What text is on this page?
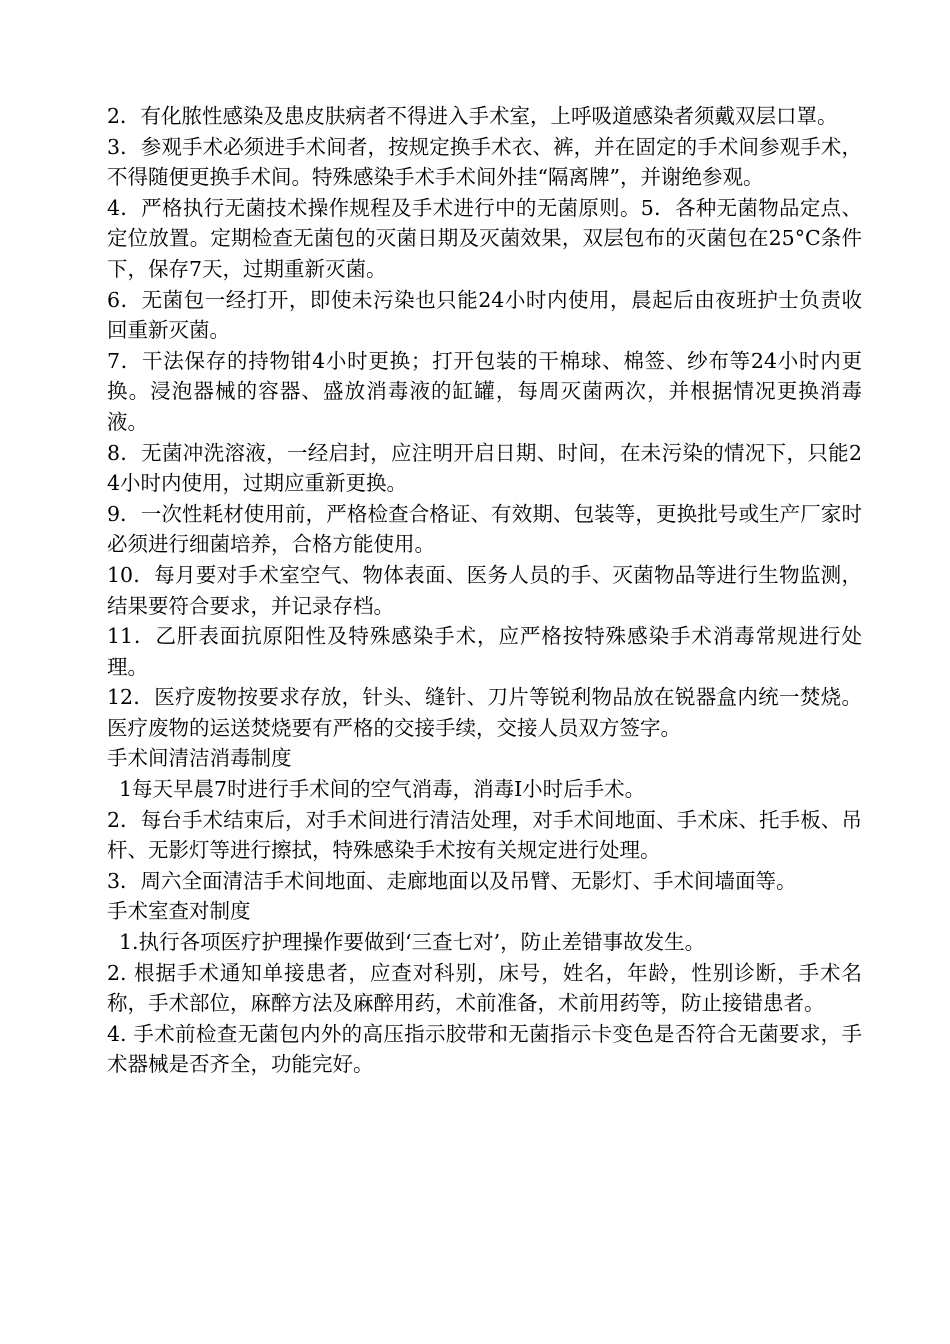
2．有化脓性感染及患皮肤病者不得进入手术室，上呼吸道感染者须戴双层口罩。

3．参观手术必须进手术间者，按规定换手术衣、裤，并在固定的手术间参观手术，不得随便更换手术间。特殊感染手术手术间外挂“隔离牌”，并谢绝参观。

4．严格执行无菌技术操作规程及手术进行中的无菌原则。5．各种无菌物品定点、定位放置。定期检查无菌包的灭菌日期及灭菌效果，双层包布的灭菌包在25°C条件下，保存7天，过期重新灭菌。

6．无菌包一经打开，即使未污染也只能24小时内使用，晨起后由夜班护士负责收回重新灭菌。

7．干法保存的持物钳4小时更换；打开包装的干棉球、棉签、纱布等24小时内更换。浸泡器械的容器、盛放消毒液的缸罐，每周灭菌两次，并根据情况更换消毒液。

8．无菌冲洗溶液，一经启封，应注明开启日期、时间，在未污染的情况下，只能24小时内使用，过期应重新更换。

9．一次性耗材使用前，严格检查合格证、有效期、包装等，更换批号或生产厂家时必须进行细菌培养，合格方能使用。

10．每月要对手术室空气、物体表面、医务人员的手、灭菌物品等进行生物监测，结果要符合要求，并记录存档。

11．乙肝表面抗原阳性及特殊感染手术，应严格按特殊感染手术消毒常规进行处理。

12．医疗废物按要求存放，针头、缝针、刀片等锐利物品放在锐器盒内统一焚烧。医疗废物的运送焚烧要有严格的交接手续，交接人员双方签字。

手术间清洁消毒制度

1每天早晨7时进行手术间的空气消毒，消毒I小时后手术。

2．每台手术结束后，对手术间进行清洁处理，对手术间地面、手术床、托手板、吊杆、无影灯等进行擦拭，特殊感染手术按有关规定进行处理。

3．周六全面清洁手术间地面、走廊地面以及吊臂、无影灯、手术间墙面等。

手术室查对制度

1.执行各项医疗护理操作要做到‘三查七对’，防止差错事故发生。

2. 根据手术通知单接患者，应查对科别，床号，姓名，年龄，性别诊断，手术名称，手术部位，麻醉方法及麻醉用药，术前准备，术前用药等，防止接错患者。

4. 手术前检查无菌包内外的高压指示胶带和无菌指示卡变色是否符合无菌要求，手术器械是否齐全，功能完好。
